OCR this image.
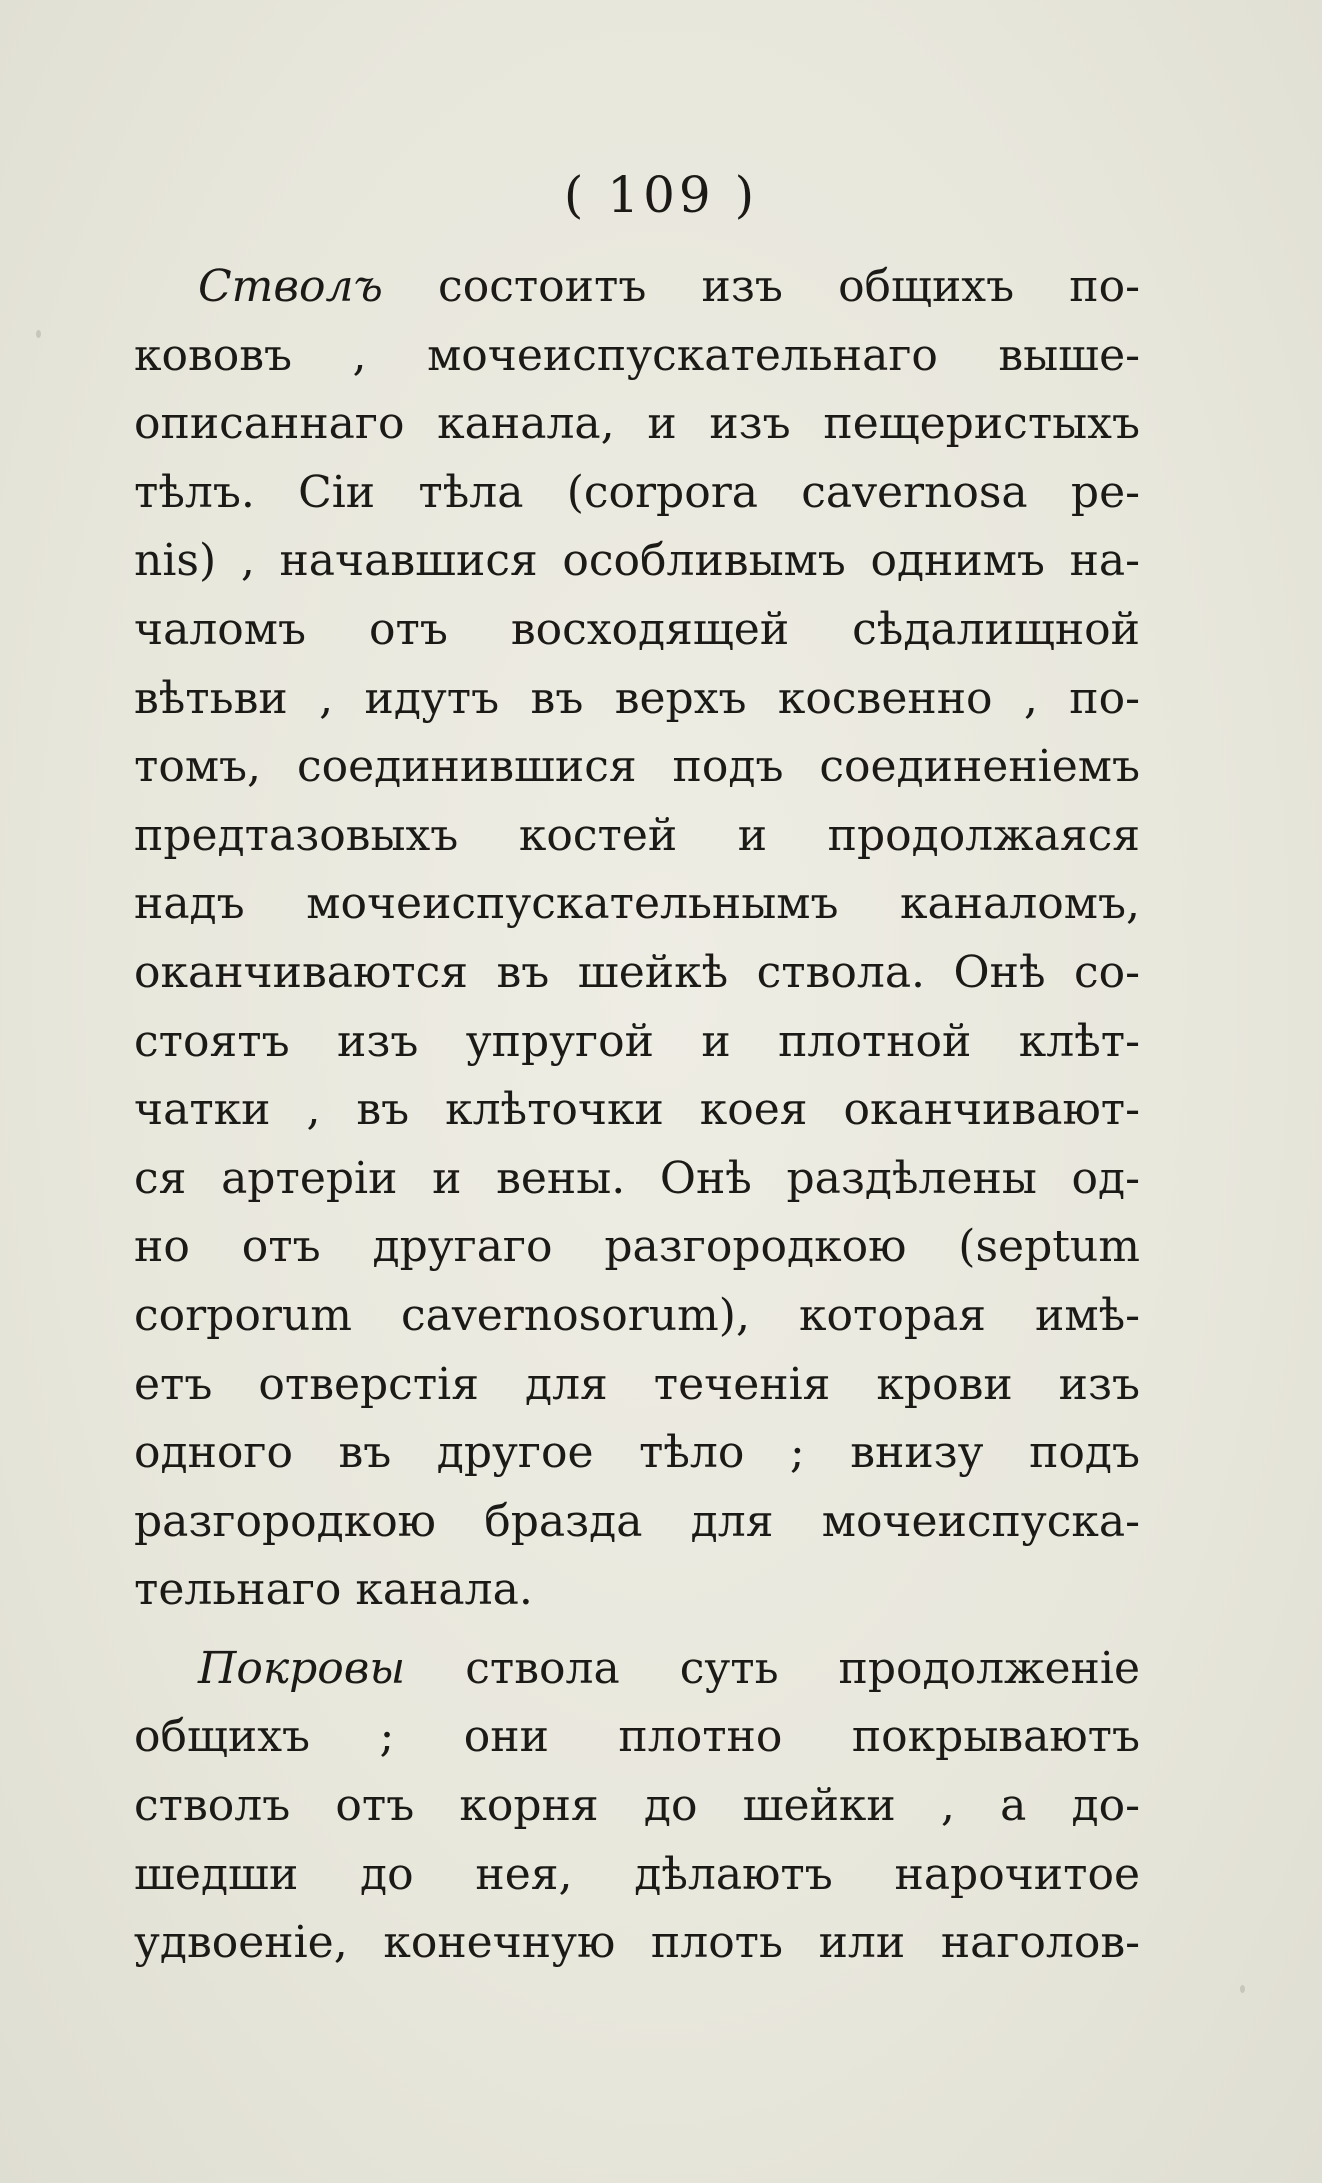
( 109 )
Стволъ состоитъ изъ общихъ по-
кововъ , мочеиспускательнаго выше-
описаннаго канала, и изъ пещеристыхъ
тѣлъ. Сіи тѣла (corpora cavernosa pe-
nis) , начавшися особливымъ однимъ на-
чаломъ отъ восходящей сѣдалищной
вѣтьви , идутъ въ верхъ косвенно , по-
томъ, соединившися подъ соединеніемъ
предтазовыхъ костей и продолжаяся
надъ мочеиспускательнымъ каналомъ,
оканчиваются въ шейкѣ ствола. Онѣ со-
стоятъ изъ упругой и плотной клѣт-
чатки , въ клѣточки коея оканчивают-
ся артеріи и вены. Онѣ раздѣлены од-
но отъ другаго разгородкою (septum
corporum cavernosorum), которая имѣ-
етъ отверстія для теченія крови изъ
одного въ другое тѣло ; внизу подъ
разгородкою бразда для мочеиспуска-
тельнаго канала.
Покровы ствола суть продолженіе
общихъ ; они плотно покрываютъ
стволъ отъ корня до шейки , а до-
шедши до нея, дѣлаютъ нарочитое
удвоеніе, конечную плоть или наголов-
